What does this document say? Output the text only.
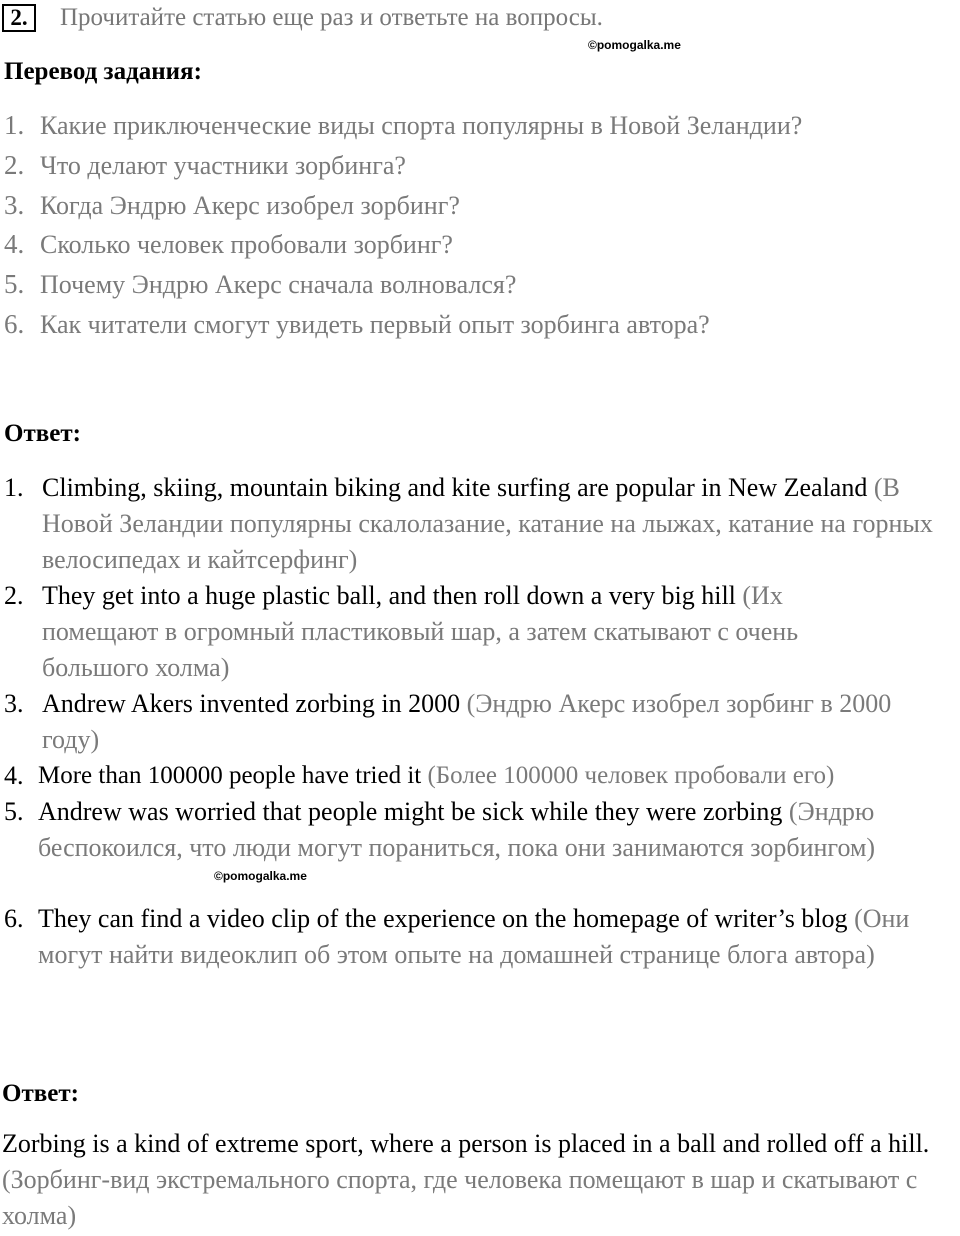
2.	Прочитайте статью еще раз и ответьте на вопросы.
©pomogalka.me
Перевод задания:
1. Какие приключенческие виды спорта популярны в Новой Зеландии?
2. Что делают участники зорбинга?
3. Когда Эндрю Акерс изобрел зорбинг?
4. Сколько человек пробовали зорбинг?
5. Почему Эндрю Акерс сначала волновался?
6. Как читатели смогут увидеть первый опыт зорбинга автора?
Ответ:
1. Climbing, skiing, mountain biking and kite surfing are popular in New Zealand (В Новой Зеландии популярны скалолазание, катание на лыжах, катание на горных велосипедах и кайтсерфинг)
2. They get into a huge plastic ball, and then roll down a very big hill (Их помещают в огромный пластиковый шар, а затем скатывают с очень большого холма)
3. Andrew Akers invented zorbing in 2000 (Эндрю Акерс изобрел зорбинг в 2000 году)
4. More than 100000 people have tried it (Более 100000 человек пробовали его)
5. Andrew was worried that people might be sick while they were zorbing (Эндрю беспокоился, что люди могут пораниться, пока они занимаются зорбингом)
©pomogalka.me
6. They can find a video clip of the experience on the homepage of writer’s blog (Они могут найти видеоклип об этом опыте на домашней странице блога автора)
Ответ:
Zorbing is a kind of extreme sport, where a person is placed in a ball and rolled off a hill. (Зорбинг-вид экстремального спорта, где человека помещают в шар и скатывают с холма)
